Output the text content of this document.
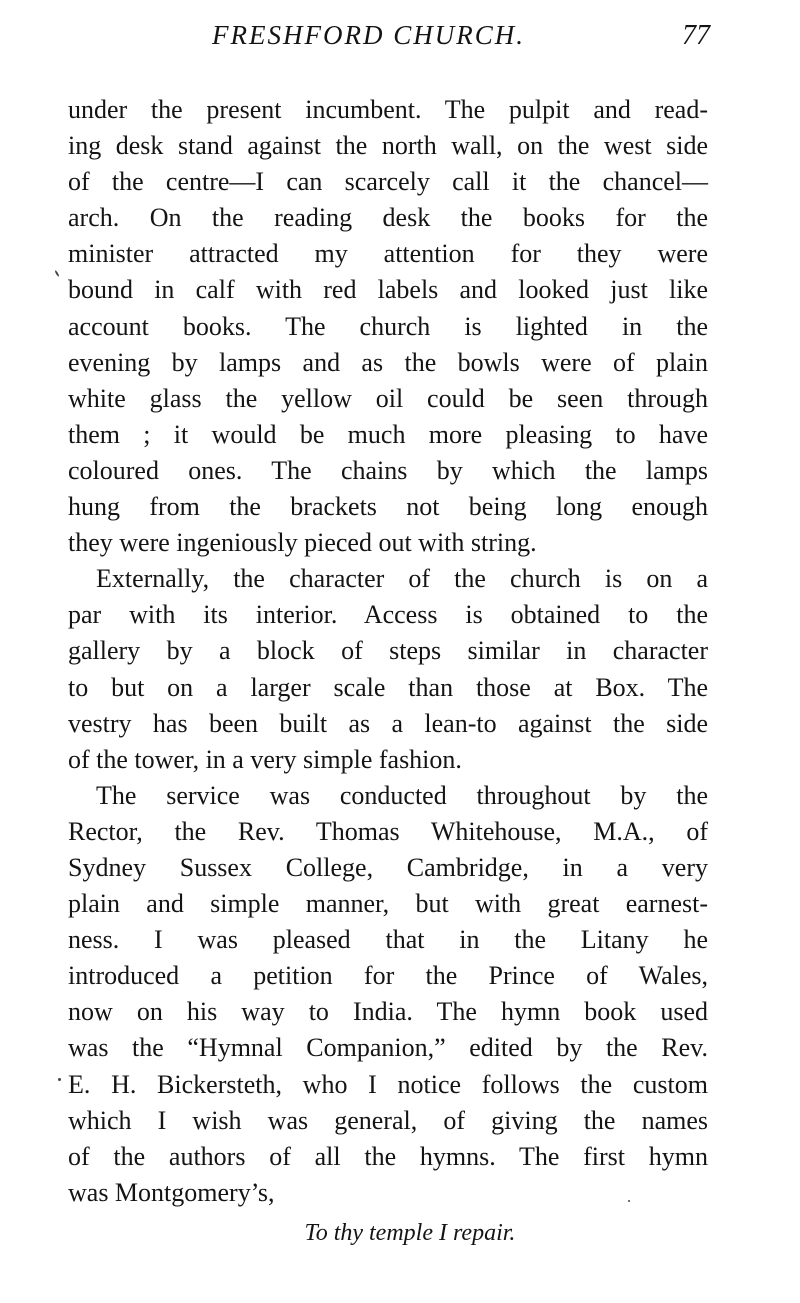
FRESHFORD CHURCH.	77
under the present incumbent. The pulpit and read-
ing desk stand against the north wall, on the west side
of the centre—I can scarcely call it the chancel—
arch. On the reading desk the books for the
minister attracted my attention for they were
bound in calf with red labels and looked just like
account books. The church is lighted in the
evening by lamps and as the bowls were of plain
white glass the yellow oil could be seen through
them ; it would be much more pleasing to have
coloured ones. The chains by which the lamps
hung from the brackets not being long enough
they were ingeniously pieced out with string.
Externally, the character of the church is on a
par with its interior. Access is obtained to the
gallery by a block of steps similar in character
to but on a larger scale than those at Box. The
vestry has been built as a lean-to against the side
of the tower, in a very simple fashion.
The service was conducted throughout by the
Rector, the Rev. Thomas Whitehouse, M.A., of
Sydney Sussex College, Cambridge, in a very
plain and simple manner, but with great earnest-
ness. I was pleased that in the Litany he
introduced a petition for the Prince of Wales,
now on his way to India. The hymn book used
was the “Hymnal Companion,” edited by the Rev.
E. H. Bickersteth, who I notice follows the custom
which I wish was general, of giving the names
of the authors of all the hymns. The first hymn
was Montgomery’s,
To thy temple I repair.
